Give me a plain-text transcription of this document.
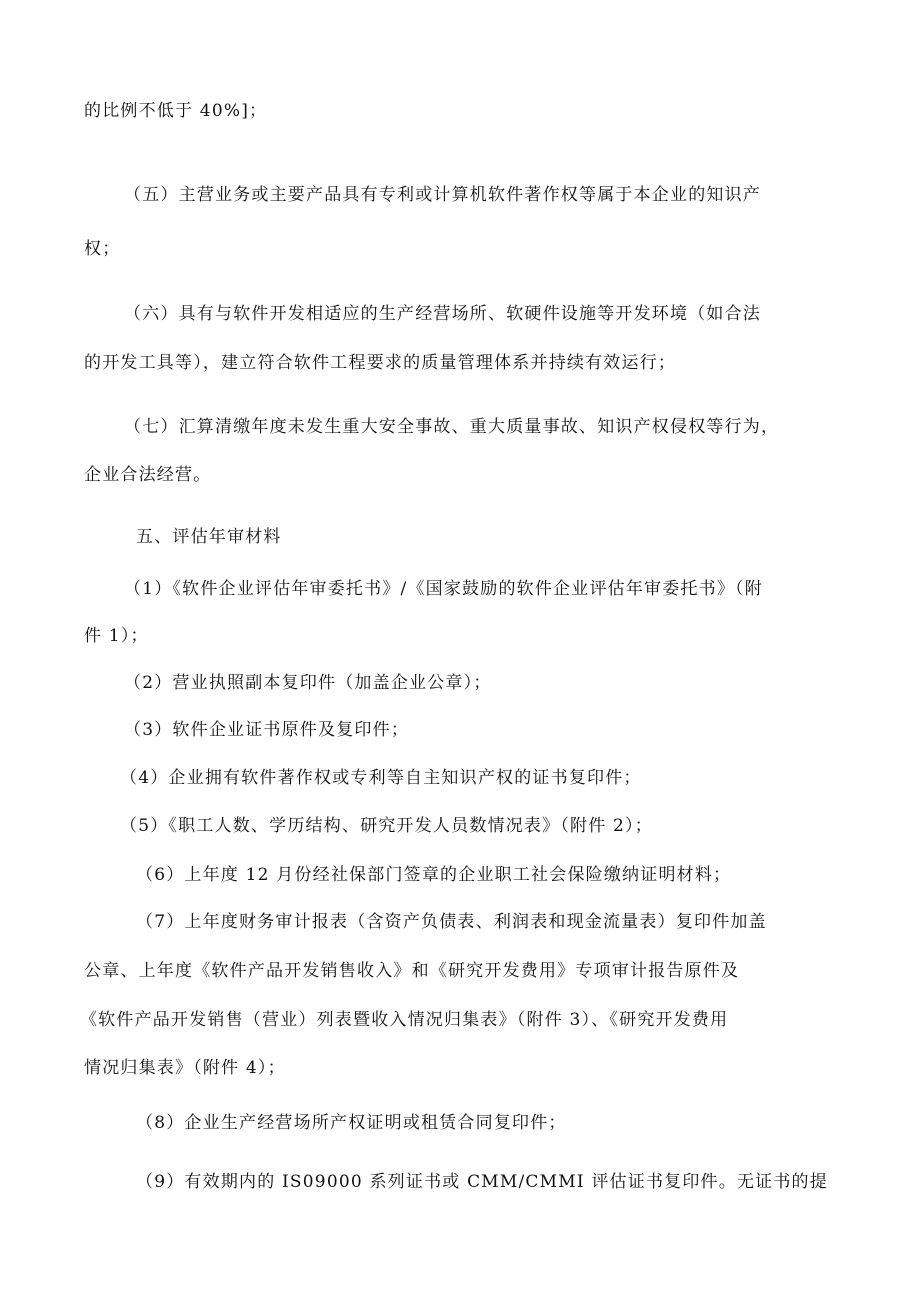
的比例不低于 40%]；
（五）主营业务或主要产品具有专利或计算机软件著作权等属于本企业的知识产
权；
（六）具有与软件开发相适应的生产经营场所、软硬件设施等开发环境（如合法
的开发工具等），建立符合软件工程要求的质量管理体系并持续有效运行；
（七）汇算清缴年度未发生重大安全事故、重大质量事故、知识产权侵权等行为，
企业合法经营。
五、评估年审材料
（1）《软件企业评估年审委托书》/《国家鼓励的软件企业评估年审委托书》（附
件 1）；
（2）营业执照副本复印件（加盖企业公章）；
（3）软件企业证书原件及复印件；
（4）企业拥有软件著作权或专利等自主知识产权的证书复印件；
（5）《职工人数、学历结构、研究开发人员数情况表》（附件 2）；
（6）上年度 12 月份经社保部门签章的企业职工社会保险缴纳证明材料；
（7）上年度财务审计报表（含资产负债表、利润表和现金流量表）复印件加盖
公章、上年度《软件产品开发销售收入》和《研究开发费用》专项审计报告原件及
《软件产品开发销售（营业）列表暨收入情况归集表》（附件 3）、《研究开发费用
情况归集表》（附件 4）；
（8）企业生产经营场所产权证明或租赁合同复印件；
（9）有效期内的 IS09000 系列证书或 CMM/CMMI 评估证书复印件。无证书的提
